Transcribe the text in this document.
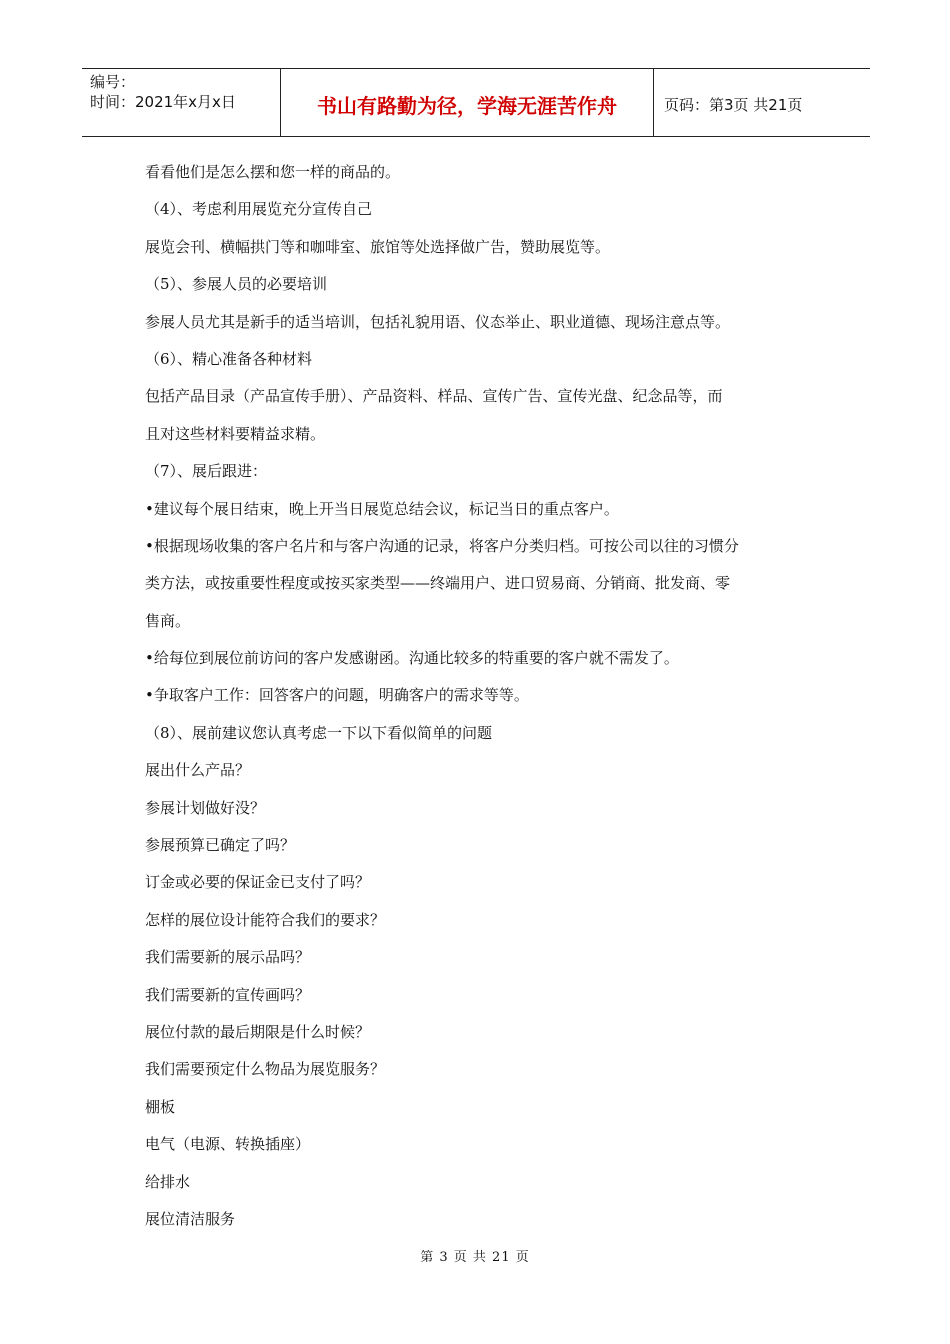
编号：
时间：2021年x月x日	书山有路勤为径，学海无涯苦作舟	页码：第3页 共21页
看看他们是怎么摆和您一样的商品的。
（4）、考虑利用展览充分宣传自己
展览会刊、横幅拱门等和咖啡室、旅馆等处选择做广告，赞助展览等。
（5）、参展人员的必要培训
参展人员尤其是新手的适当培训，包括礼貌用语、仪态举止、职业道德、现场注意点等。
（6）、精心准备各种材料
包括产品目录（产品宣传手册）、产品资料、样品、宣传广告、宣传光盘、纪念品等，而
且对这些材料要精益求精。
（7）、展后跟进：
•建议每个展日结束，晚上开当日展览总结会议，标记当日的重点客户。
•根据现场收集的客户名片和与客户沟通的记录，将客户分类归档。可按公司以往的习惯分
类方法，或按重要性程度或按买家类型——终端用户、进口贸易商、分销商、批发商、零
售商。
•给每位到展位前访问的客户发感谢函。沟通比较多的特重要的客户就不需发了。
•争取客户工作：回答客户的问题，明确客户的需求等等。
（8）、展前建议您认真考虑一下以下看似简单的问题
展出什么产品？
参展计划做好没？
参展预算已确定了吗？
订金或必要的保证金已支付了吗？
怎样的展位设计能符合我们的要求？
我们需要新的展示品吗？
我们需要新的宣传画吗？
展位付款的最后期限是什么时候？
我们需要预定什么物品为展览服务？
棚板
电气（电源、转换插座）
给排水
展位清洁服务
第 3 页 共 21 页
